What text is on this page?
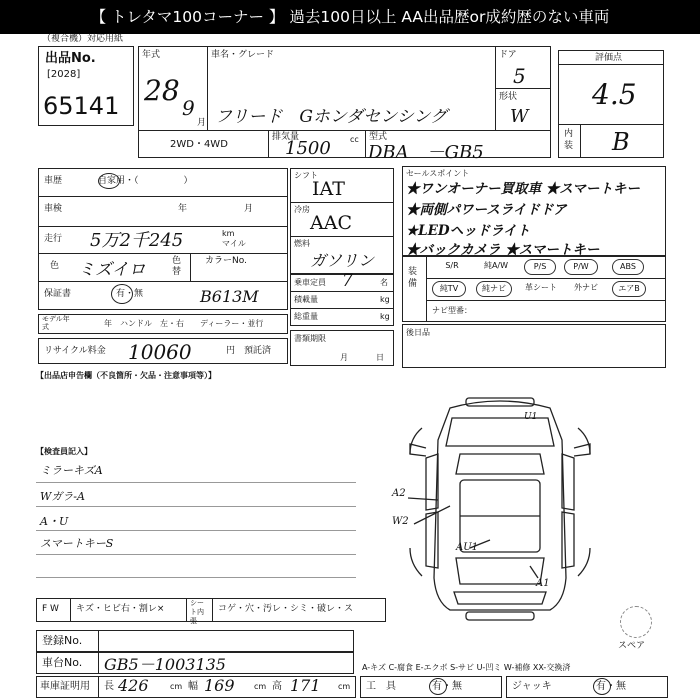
【 トレタマ100コーナー 】 過去100日以上 AA出品歴or成約歴のない車両
（複合機）対応用紙
出品No.
[2028]
65141
年式
28
9
月
車名・グレード
フリード　Gホンダセンシング
ドア
5
形状
W
2WD・4WD
排気量
1500 cc 型式
DBA　－GB5
評価点
4.5
内装 B
車歴	自家用・（　　　　　）
車検	年	月
走行 5万2千245	km
マイル
色 ミズイロ	色替
カラーNo.
保証書	有・無	B613M
モデル年式	年 ハンドル　左・右 ディーラー・並行
リサイクル料金 10060	円 預託済
シフト
IAT
冷房
AAC
燃料
ガソリン
乗車定員 7	名
積載量	kg
総重量	kg
書類期限
月	日
セールスポイント
★ワンオーナー買取車 ★スマートキー
★両側パワースライドドア
★LEDヘッドライト
★バックカメラ ★スマートキー
装備
S/R	純A/W	P/S	P/W	ABS
純TV	純ナビ	革シート	外ナビ	エアB
ナビ型番：
後日品
【出品店申告欄（不良箇所・欠品・注意事項等）】
【検査員記入】
ミラーキズA
Wガラ-A
A・U
スマートキーS
U1
A2
W2
AU1
A1
スペア
F W キズ・ヒビ右・割レ×
シート内張
コゲ・穴・汚レ・シミ・破レ・ス
登録No.
車台No. GB5－1003135
車庫証明用 長 426	cm 幅 169 cm 高 171 cm
A-キズ C-腐食 E-エクボ S-サビ U-凹ミ W-補修 XX-交換済
工　具	有・無	ジャッキ	有・無
